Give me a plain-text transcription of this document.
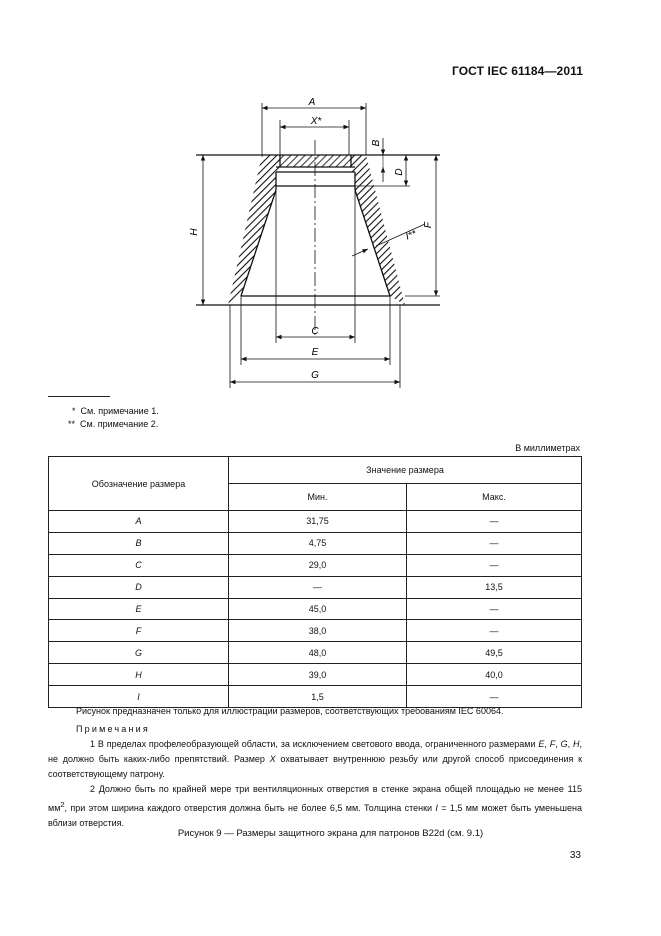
ГОСТ IEC 61184—2011
A
X*
C
E
G
H
B
D
F
I**
* См. примечание 1.
** См. примечание 2.
В миллиметрах
Обозначение размера	Значение размера	
	Мин.	Макс.
A	31,75	—
B	4,75	—
C	29,0	—
D	—	13,5
E	45,0	—
F	38,0	—
G	48,0	49,5
H	39,0	40,0
I	1,5	—
Рисунок предназначен только для иллюстрации размеров, соответствующих требованиям IEC 60064.
Примечания

1 В пределах профелеобразующей области, за исключением светового ввода, ограниченного размерами E, F, G, H, не должно быть каких-либо препятствий. Размер X охватывает внутреннюю резьбу или другой способ присоединения к соответствующему патрону.

2 Должно быть по крайней мере три вентиляционных отверстия в стенке экрана общей площадью не менее 115 $мм^2$, при этом ширина каждого отверстия должна быть не более 6,5 мм. Толщина стенки I = 1,5 мм может быть уменьшена вблизи отверстия.

Рисунок 9 — Размеры защитного экрана для патронов B22d (см. 9.1)
33
